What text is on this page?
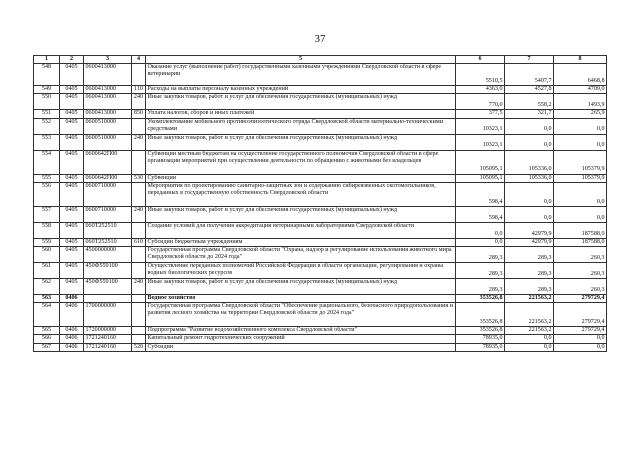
37
1	2	3	4	5	6	7	8
548	0405	0600413000		Оказание услуг (выполнение работ) государственными казенными учреждениями Свердловской области в сфере ветеринарии	5510,5	5407,7	6468,8
549	0405	0600413000	110	Расходы на выплаты персоналу казенных учреждений	4363,0	4527,8	4709,0
550	0405	0600413000	240	Иные закупки товаров, работ и услуг для обеспечения государственных (муниципальных) нужд	770,0	558,2	1493,9
551	0405	0600413000	850	Уплата налогов, сборов и иных платежей	377,5	321,7	265,9
552	0405	0600510000		Укомплектование мобильного противоэпизоотического отряда Свердловской области материально-техническими средствами	10323,1	0,0	0,0
553	0405	0600510000	240	Иные закупки товаров, работ и услуг для обеспечения государственных (муниципальных) нужд	10323,1	0,0	0,0
554	0405	0600642П00		Субвенции местным бюджетам на осуществление государственного полномочия Свердловской области в сфере организации мероприятий при осуществлении деятельности по обращению с животными без владельцев	105095,1	105336,0	105379,9
555	0405	0600642П00	530	Субвенции	105095,1	105336,0	105379,9
556	0405	0600710000		Мероприятия по проектированию санитарно-защитных зон и содержанию сибиреязвенных скотомогильников, переданных в государственную собственность Свердловской области	598,4	0,0	0,0
557	0405	0600710000	240	Иные закупки товаров, работ и услуг для обеспечения государственных (муниципальных) нужд	598,4	0,0	0,0
558	0405	060Т252510		Создание условий для получения аккредитации ветеринарными лабораториями Свердловской области	0,0	42979,9	187588,0
559	0405	060Т252510	610	Субсидии бюджетным учреждениям	0,0	42979,9	187588,0
560	0405	4500000000		Государственная программа Свердловской области "Охрана, надзор и регулирование использования животного мира Свердловской области до 2024 года"	289,3	289,3	260,3
561	0405	450Ф559100		Осуществление переданных полномочий Российской Федерации в области организации, регулирования и охраны водных биологических ресурсов	289,3	289,3	260,3
562	0405	450Ф559100	240	Иные закупки товаров, работ и услуг для обеспечения государственных (муниципальных) нужд	289,3	289,3	260,3
563	0406			Водное хозяйство	353526,8	221563,2	279729,4
564	0406	1700000000		Государственная программа Свердловской области "Обеспечение рационального, безопасного природопользования и развития лесного хозяйства на территории Свердловской области до 2024 года"	353526,8	221563,2	279729,4
565	0406	1720000000		Подпрограмма "Развитие водохозяйственного комплекса Свердловской области"	353526,8	221563,2	279729,4
566	0406	1721240160		Капитальный ремонт гидротехнических сооружений	78935,0	0,0	0,0
567	0406	1721240160	520	Субсидии	78935,0	0,0	0,0
